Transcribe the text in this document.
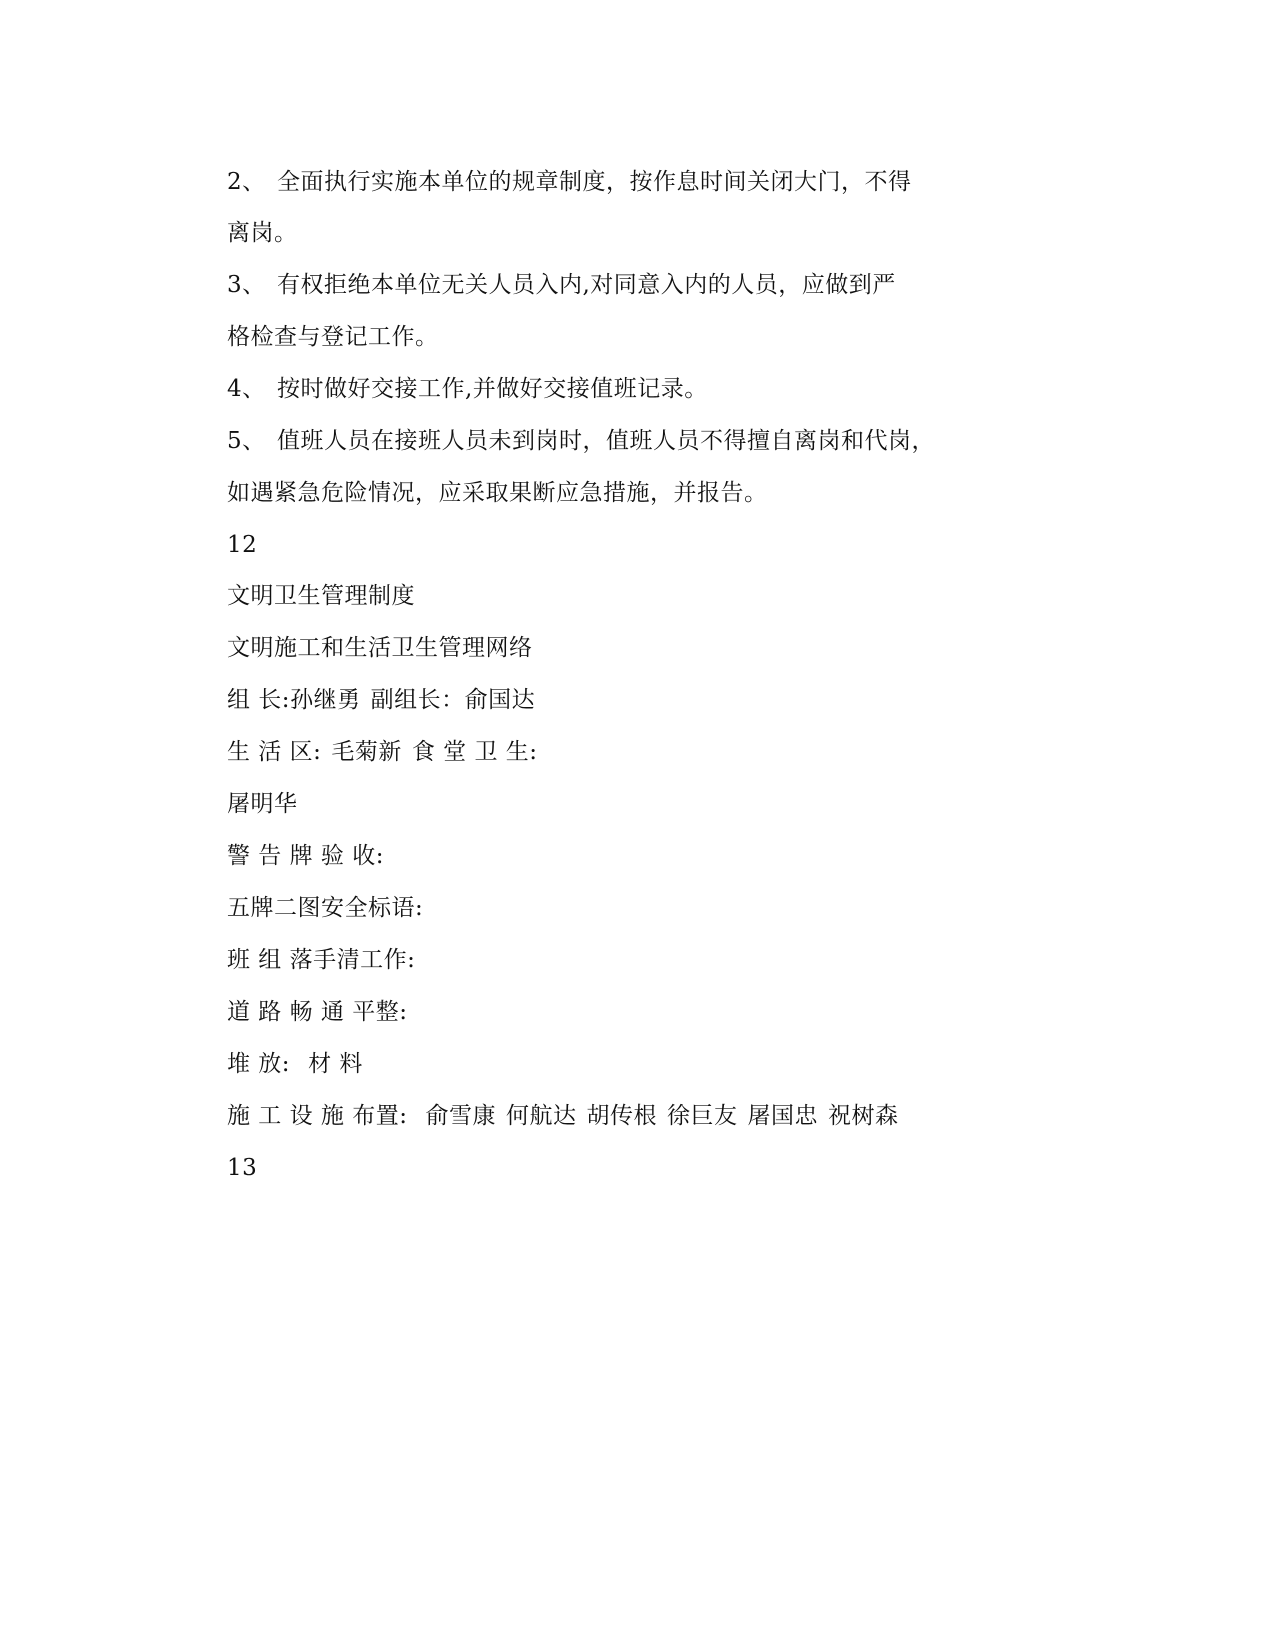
2、 全面执行实施本单位的规章制度，按作息时间关闭大门，不得
离岗。
3、 有权拒绝本单位无关人员入内,对同意入内的人员，应做到严
格检查与登记工作。
4、 按时做好交接工作,并做好交接值班记录。
5、 值班人员在接班人员未到岗时，值班人员不得擅自离岗和代岗，
如遇紧急危险情况，应采取果断应急措施，并报告。
12
文明卫生管理制度
文明施工和生活卫生管理网络
组 长:孙继勇 副组长：俞国达
生 活 区: 毛菊新 食 堂 卫 生:
屠明华
警 告 牌 验 收:
五牌二图安全标语:
班 组 落手清工作:
道 路 畅 通 平整:
堆 放: 材 料
施 工 设 施 布置: 俞雪康 何航达 胡传根 徐巨友 屠国忠 祝树森
13
